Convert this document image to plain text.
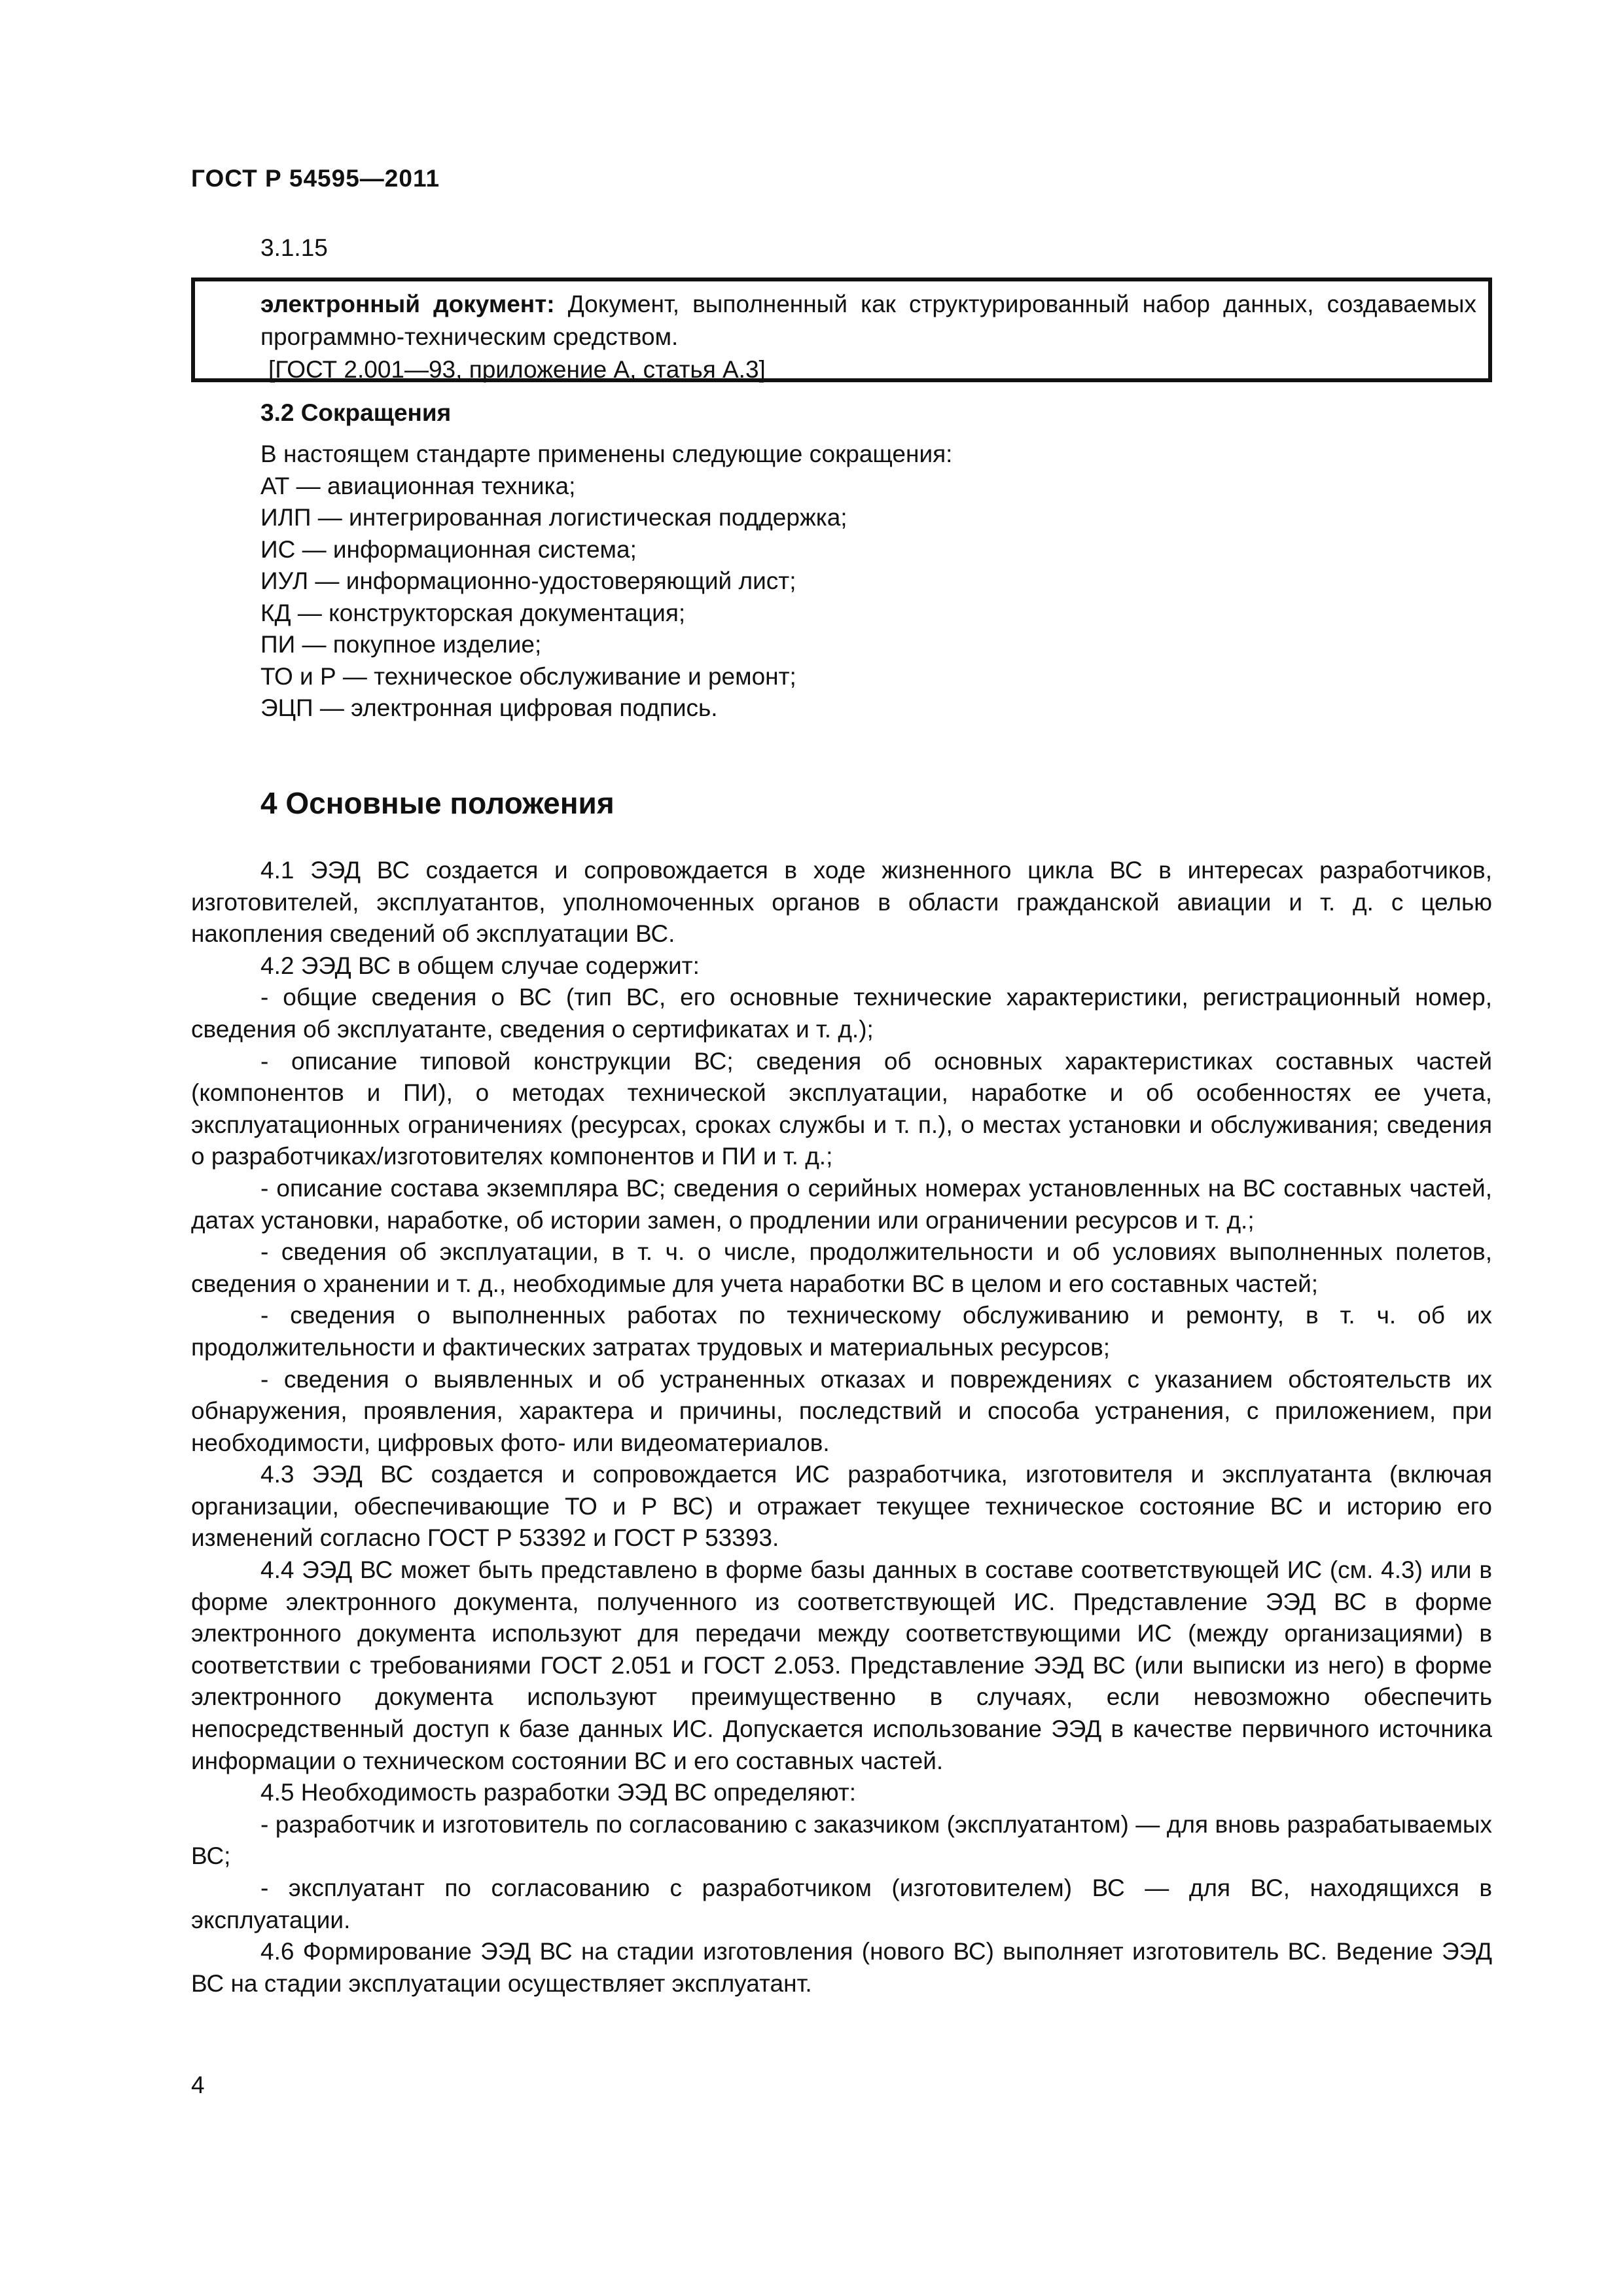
ГОСТ Р 54595—2011
3.1.15

электронный документ: Документ, выполненный как структурированный набор данных, создаваемых программно-техническим средством.

[ГОСТ 2.001—93, приложение А, статья А.3]

3.2 Сокращения

В настоящем стандарте применены следующие сокращения:

АТ — авиационная техника;

ИЛП — интегрированная логистическая поддержка;

ИС — информационная система;

ИУЛ — информационно-удостоверяющий лист;

КД — конструкторская документация;

ПИ — покупное изделие;

ТО и Р — техническое обслуживание и ремонт;

ЭЦП — электронная цифровая подпись.

4 Основные положения

4.1 ЭЭД ВС создается и сопровождается в ходе жизненного цикла ВС в интересах разработчиков, изготовителей, эксплуатантов, уполномоченных органов в области гражданской авиации и т. д. с целью накопления сведений об эксплуатации ВС.

4.2 ЭЭД ВС в общем случае содержит:

- общие сведения о ВС (тип ВС, его основные технические характеристики, регистрационный номер, сведения об эксплуатанте, сведения о сертификатах и т. д.);

- описание типовой конструкции ВС; сведения об основных характеристиках составных частей (компонентов и ПИ), о методах технической эксплуатации, наработке и об особенностях ее учета, эксплуатационных ограничениях (ресурсах, сроках службы и т. п.), о местах установки и обслуживания; сведения о разработчиках/изготовителях компонентов и ПИ и т. д.;

- описание состава экземпляра ВС; сведения о серийных номерах установленных на ВС составных частей, датах установки, наработке, об истории замен, о продлении или ограничении ресурсов и т. д.;

- сведения об эксплуатации, в т. ч. о числе, продолжительности и об условиях выполненных полетов, сведения о хранении и т. д., необходимые для учета наработки ВС в целом и его составных частей;

- сведения о выполненных работах по техническому обслуживанию и ремонту, в т. ч. об их продолжительности и фактических затратах трудовых и материальных ресурсов;

- сведения о выявленных и об устраненных отказах и повреждениях с указанием обстоятельств их обнаружения, проявления, характера и причины, последствий и способа устранения, с приложением, при необходимости, цифровых фото- или видеоматериалов.

4.3 ЭЭД ВС создается и сопровождается ИС разработчика, изготовителя и эксплуатанта (включая организации, обеспечивающие ТО и Р ВС) и отражает текущее техническое состояние ВС и историю его изменений согласно ГОСТ Р 53392 и ГОСТ Р 53393.

4.4 ЭЭД ВС может быть представлено в форме базы данных в составе соответствующей ИС (см. 4.3) или в форме электронного документа, полученного из соответствующей ИС. Представление ЭЭД ВС в форме электронного документа используют для передачи между соответствующими ИС (между организациями) в соответствии с требованиями ГОСТ 2.051 и ГОСТ 2.053. Представление ЭЭД ВС (или выписки из него) в форме электронного документа используют преимущественно в случаях, если невозможно обеспечить непосредственный доступ к базе данных ИС. Допускается использование ЭЭД в качестве первичного источника информации о техническом состоянии ВС и его составных частей.

4.5 Необходимость разработки ЭЭД ВС определяют:

- разработчик и изготовитель по согласованию с заказчиком (эксплуатантом) — для вновь разрабатываемых ВС;

- эксплуатант по согласованию с разработчиком (изготовителем) ВС — для ВС, находящихся в эксплуатации.

4.6 Формирование ЭЭД ВС на стадии изготовления (нового ВС) выполняет изготовитель ВС. Ведение ЭЭД ВС на стадии эксплуатации осуществляет эксплуатант.

4
